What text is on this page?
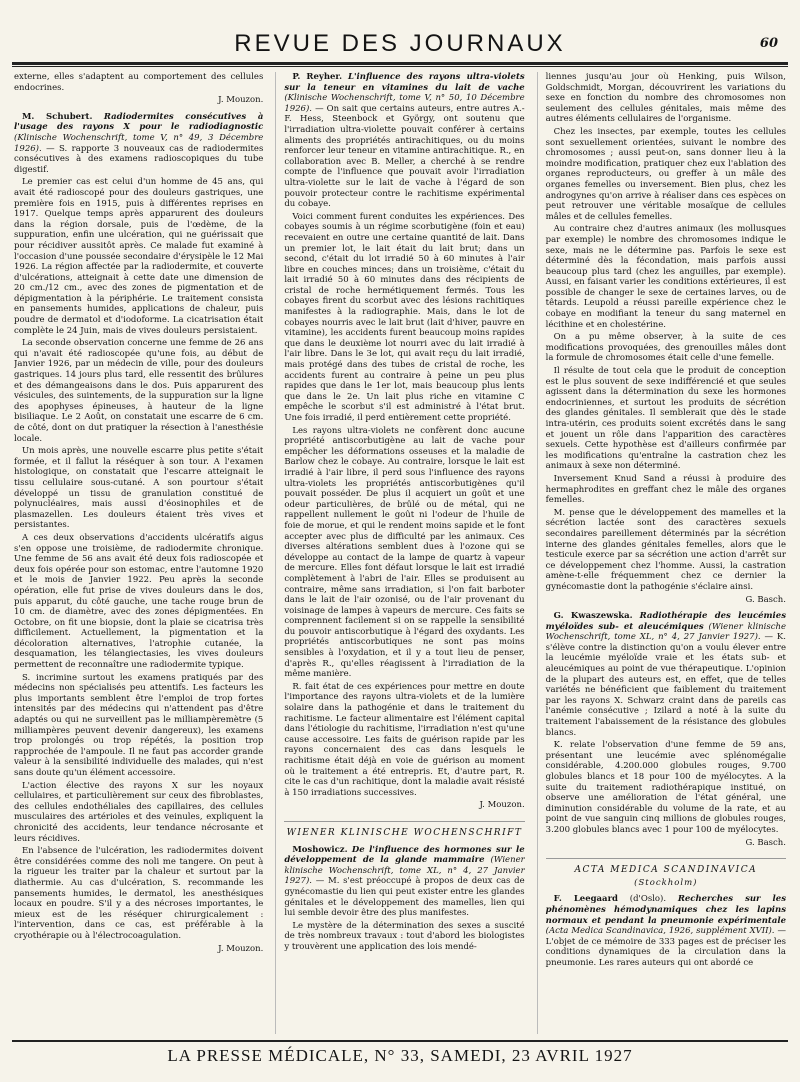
REVUE DES JOURNAUX	60

externe, elles s'adaptent au comportement des cellules endocrines.

J. Mouzon.

M. Schubert. Radiodermites consécutives à l'usage des rayons X pour le radiodiagnostic (Klinische Wochenschrift, tome V, n° 49, 3 Décembre 1926). — S. rapporte 3 nouveaux cas de radiodermites consécutives à des examens radioscopiques du tube digestif.

Le premier cas est celui d'un homme de 45 ans, qui avait été radioscopé pour des douleurs gastriques, une première fois en 1915, puis à différentes reprises en 1917. Quelque temps après apparurent des douleurs dans la région dorsale, puis de l'œdème, de la suppuration, enfin une ulcération, qui ne guérissait que pour récidiver aussitôt après. Ce malade fut examiné à l'occasion d'une poussée secondaire d'érysipèle le 12 Mai 1926. La région affectée par la radiodermite, et couverte d'ulcérations, atteignait à cette date une dimension de 20 cm./12 cm., avec des zones de pigmentation et de dépigmentation à la périphérie. Le traitement consista en pansements humides, applications de chaleur, puis poudre de dermatol et d'iodoforme. La cicatrisation était complète le 24 Juin, mais de vives douleurs persistaient.

La seconde observation concerne une femme de 26 ans qui n'avait été radioscopée qu'une fois, au début de Janvier 1926, par un médecin de ville, pour des douleurs gastriques. 14 jours plus tard, elle ressentit des brûlures et des démangeaisons dans le dos. Puis apparurent des vésicules, des suintements, de la suppuration sur la ligne des apophyses épineuses, à hauteur de la ligne bisiliaque. Le 2 Août, on constatait une escarre de 6 cm. de côté, dont on dut pratiquer la résection à l'anesthésie locale.

Un mois après, une nouvelle escarre plus petite s'était formée, et il fallut la réséquer à son tour. A l'examen histologique, on constatait que l'escarre atteignait le tissu cellulaire sous-cutané. A son pourtour s'était développé un tissu de granulation constitué de polynucléaires, mais aussi d'éosinophiles et de plasmazellen. Les douleurs étaient très vives et persistantes.

A ces deux observations d'accidents ulcératifs aigus s'en oppose une troisième, de radiodermite chronique. Une femme de 56 ans avait été deux fois radioscopée et deux fois opérée pour son estomac, entre l'automne 1920 et le mois de Janvier 1922. Peu après la seconde opération, elle fut prise de vives douleurs dans le dos, puis apparut, du côté gauche, une tache rouge brun de 10 cm. de diamètre, avec des zones dépigmentées. En Octobre, on fit une biopsie, dont la plaie se cicatrisa très difficilement. Actuellement, la pigmentation et la décoloration alternatives, l'atrophie cutanée, la desquamation, les télangiectasies, les vives douleurs permettent de reconnaître une radiodermite typique.

S. incrimine surtout les examens pratiqués par des médecins non spécialisés peu attentifs. Les facteurs les plus importants semblent être l'emploi de trop fortes intensités par des médecins qui n'attendent pas d'être adaptés ou qui ne surveillent pas le milliampèremètre (5 milliampères peuvent devenir dangereux), les examens trop prolongés ou trop répétés, la position trop rapprochée de l'ampoule. Il ne faut pas accorder grande valeur à la sensibilité individuelle des malades, qui n'est sans doute qu'un élément accessoire.

L'action élective des rayons X sur les noyaux cellulaires, et particulièrement sur ceux des fibroblastes, des cellules endothéliales des capillaires, des cellules musculaires des artérioles et des veinules, expliquent la chronicité des accidents, leur tendance nécrosante et leurs récidives.

En l'absence de l'ulcération, les radiodermites doivent être considérées comme des noli me tangere. On peut à la rigueur les traiter par la chaleur et surtout par la diathermie. Au cas d'ulcération, S. recommande les pansements humides, le dermatol, les anesthésiques locaux en poudre. S'il y a des nécroses importantes, le mieux est de les réséquer chirurgicalement : l'intervention, dans ce cas, est préférable à la cryothérapie ou à l'électrocoagulation.

J. Mouzon.

P. Reyher. L'influence des rayons ultra-violets sur la teneur en vitamines du lait de vache (Klinische Wochenschrift, tome V, n° 50, 10 Décembre 1926). — On sait que certains auteurs, entre autres A.-F. Hess, Steenbock et György, ont soutenu que l'irradiation ultra-violette pouvait conférer à certains aliments des propriétés antirachitiques, ou du moins renforcer leur teneur en vitamine antirachitique. R., en collaboration avec B. Meller, a cherché à se rendre compte de l'influence que pouvait avoir l'irradiation ultra-violette sur le lait de vache à l'égard de son pouvoir protecteur contre le rachitisme expérimental du cobaye.

Voici comment furent conduites les expériences. Des cobayes soumis à un régime scorbutigène (foin et eau) recevaient en outre une certaine quantité de lait. Dans un premier lot, le lait était du lait brut; dans un second, c'était du lot irradié 50 à 60 minutes à l'air libre en couches minces; dans un troisième, c'était du lait irradié 50 à 60 minutes dans des récipients de cristal de roche hermétiquement fermés. Tous les cobayes firent du scorbut avec des lésions rachitiques manifestes à la radiographie. Mais, dans le lot de cobayes nourris avec le lait brut (lait d'hiver, pauvre en vitamine), les accidents furent beaucoup moins rapides que dans le deuxième lot nourri avec du lait irradié à l'air libre. Dans le 3e lot, qui avait reçu du lait irradié, mais protégé dans des tubes de cristal de roche, les accidents furent au contraire à peine un peu plus rapides que dans le 1er lot, mais beaucoup plus lents que dans le 2e. Un lait plus riche en vitamine C empêche le scorbut s'il est administré à l'état brut. Une fois irradié, il perd entièrement cette propriété.

Les rayons ultra-violets ne confèrent donc aucune propriété antiscorbutigène au lait de vache pour empêcher les déformations osseuses et la maladie de Barlow chez le cobaye. Au contraire, lorsque le lait est irradié à l'air libre, il perd sous l'influence des rayons ultra-violets les propriétés antiscorbutigènes qu'il pouvait posséder. De plus il acquiert un goût et une odeur particulières, de brûlé ou de métal, qui ne rappellent nullement le goût ni l'odeur de l'huile de foie de morue, et qui le rendent moins sapide et le font accepter avec plus de difficulté par les animaux. Ces diverses altérations semblent dues à l'ozone qui se développe au contact de la lampe de quartz à vapeur de mercure. Elles font défaut lorsque le lait est irradié complètement à l'abri de l'air. Elles se produisent au contraire, même sans irradiation, si l'on fait barboter dans le lait de l'air ozonisé, ou de l'air provenant du voisinage de lampes à vapeurs de mercure. Ces faits se comprennent facilement si on se rappelle la sensibilité du pouvoir antiscorbutique à l'égard des oxydants. Les propriétés antiscorbutiques ne sont pas moins sensibles à l'oxydation, et il y a tout lieu de penser, d'après R., qu'elles réagissent à l'irradiation de la même manière.

R. fait état de ces expériences pour mettre en doute l'importance des rayons ultra-violets et de la lumière solaire dans la pathogénie et dans le traitement du rachitisme. Le facteur alimentaire est l'élément capital dans l'étiologie du rachitisme, l'irradiation n'est qu'une cause accessoire. Les faits de guérison rapide par les rayons concernaient des cas dans lesquels le rachitisme était déjà en voie de guérison au moment où le traitement a été entrepris. Et, d'autre part, R. cite le cas d'un rachitique, dont la maladie avait résisté à 150 irradiations successives.

J. Mouzon.
WIENER KLINISCHE WOCHENSCHRIFT

Moshowicz. De l'influence des hormones sur le développement de la glande mammaire (Wiener klinische Wochenschrift, tome XL, n° 4, 27 Janvier 1927). — M. s'est préoccupé à propos de deux cas de gynécomastie du lien qui peut exister entre les glandes génitales et le développement des mamelles, lien qui lui semble devoir être des plus manifestes.

Le mystère de la détermination des sexes a suscité de très nombreux travaux : tout d'abord les biologistes y trouvèrent une application des lois mendé-

liennes jusqu'au jour où Henking, puis Wilson, Goldschmidt, Morgan, découvrirent les variations du sexe en fonction du nombre des chromosomes non seulement des cellules génitales, mais même des autres éléments cellulaires de l'organisme.

Chez les insectes, par exemple, toutes les cellules sont sexuellement orientées, suivant le nombre des chromosomes ; aussi peut-on, sans donner lieu à la moindre modification, pratiquer chez eux l'ablation des organes reproducteurs, ou greffer à un mâle des organes femelles ou inversement. Bien plus, chez les androgynes qu'on arrive à réaliser dans ces espèces on peut retrouver une véritable mosaïque de cellules mâles et de cellules femelles.

Au contraire chez d'autres animaux (les mollusques par exemple) le nombre des chromosomes indique le sexe, mais ne le détermine pas. Parfois le sexe est déterminé dès la fécondation, mais parfois aussi beaucoup plus tard (chez les anguilles, par exemple). Aussi, en faisant varier les conditions extérieures, il est possible de changer le sexe de certaines larves, ou de têtards. Leupold a réussi pareille expérience chez le cobaye en modifiant la teneur du sang maternel en lécithine et en cholestérine.

On a pu même observer, à la suite de ces modifications provoquées, des grenouilles mâles dont la formule de chromosomes était celle d'une femelle.

Il résulte de tout cela que le produit de conception est le plus souvent de sexe indifférencié et que seules agissent dans la détermination du sexe les hormones endocriniennes, et surtout les produits de sécrétion des glandes génitales. Il semblerait que dès le stade intra-utérin, ces produits soient excrétés dans le sang et jouent un rôle dans l'apparition des caractères sexuels. Cette hypothèse est d'ailleurs confirmée par les modifications qu'entraîne la castration chez les animaux à sexe non déterminé.

Inversement Knud Sand a réussi à produire des hermaphrodites en greffant chez le mâle des organes femelles.

M. pense que le développement des mamelles et la sécrétion lactée sont des caractères sexuels secondaires pareillement déterminés par la sécrétion interne des glandes génitales femelles, alors que le testicule exerce par sa sécrétion une action d'arrêt sur ce développement chez l'homme. Aussi, la castration amène-t-elle fréquemment chez ce dernier la gynécomastie dont la pathogénie s'éclaire ainsi.

G. Basch.

G. Kwaszewska. Radiothérapie des leucémies myéloïdes sub- et aleucémiques (Wiener klinische Wochenschrift, tome XL, n° 4, 27 Janvier 1927). — K. s'élève contre la distinction qu'on a voulu élever entre la leucémie myéloïde vraie et les états sub- et aleucémiques au point de vue thérapeutique. L'opinion de la plupart des auteurs est, en effet, que de telles variétés ne bénéficient que faiblement du traitement par les rayons X. Schwarz craint dans de pareils cas l'anémie consécutive ; Izilard a noté à la suite du traitement l'abaissement de la résistance des globules blancs.

K. relate l'observation d'une femme de 59 ans, présentant une leucémie avec splénomégalie considérable, 4.200.000 globules rouges, 9.700 globules blancs et 18 pour 100 de myélocytes. A la suite du traitement radiothérapique institué, on observe une amélioration de l'état général, une diminution considérable du volume de la rate, et au point de vue sanguin cinq millions de globules rouges, 3.200 globules blancs avec 1 pour 100 de myélocytes.

G. Basch.
ACTA MEDICA SCANDINAVICA
(Stockholm)

F. Leegaard (d'Oslo). Recherches sur les phénomènes hémodynamiques chez les lapins normaux et pendant la pneumonie expérimentale (Acta Medica Scandinavica, 1926, supplément XVII). — L'objet de ce mémoire de 333 pages est de préciser les conditions dynamiques de la circulation dans la pneumonie. Les rares auteurs qui ont abordé ce

LA PRESSE MÉDICALE, N° 33, SAMEDI, 23 AVRIL 1927
